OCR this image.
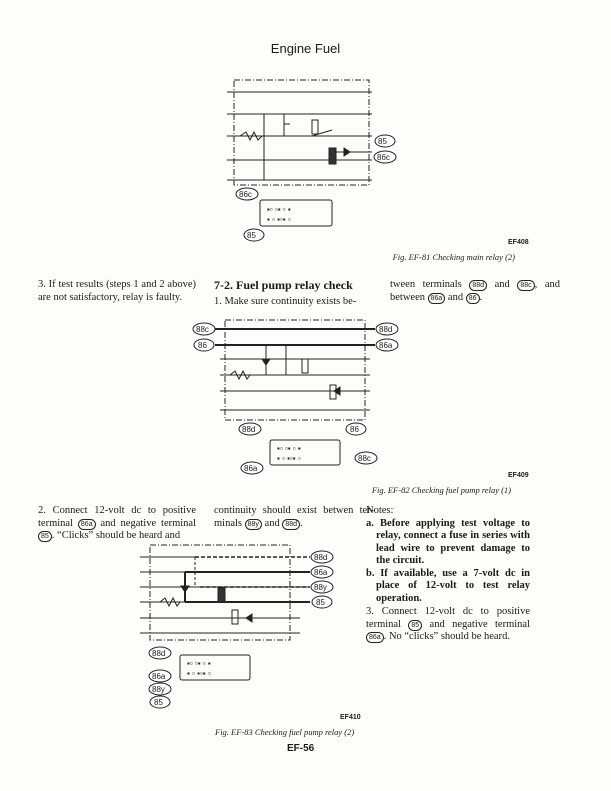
Engine Fuel
▪▫ ▫▪ ▫ ▪
▪ ▫ ▪▫▪ ▫
85
86c
86c
85
EF408
Fig. EF-81 Checking main relay (2)
3. If test results (steps 1 and 2 above) are not satisfactory, relay is faulty.
7-2. Fuel pump relay check
1. Make sure continuity exists be-
tween terminals 88d and 88c , and between 86a and 86 .
▪▫ ▫▪ ▫ ▪
▪ ▫ ▪▫▪ ▫
88c
86
88d
86a
88d	86
86a
88c
EF409
Fig. EF-82 Checking fuel pump relay (1)
2. Connect 12-volt dc to positive terminal 86a and negative terminal 85 . “Clicks” should be heard and
continuity should exist betwen ter-minals 88y and 88d .
Notes:
a. Before applying test voltage to relay, connect a fuse in series with lead wire to prevent damage to the circuit.
b. If available, use a 7-volt dc in place of 12-volt to test relay operation.
3. Connect 12-volt dc to positive terminal 85 and negative terminal 86a . No “clicks” should be heard.
▪▫ ▫▪ ▫ ▪
▪ ▫ ▪▫▪ ▫
88d
86a
88y
85
88d
86a
88y
85
EF410
Fig. EF-83 Checking fuel pump relay (2)
EF-56
